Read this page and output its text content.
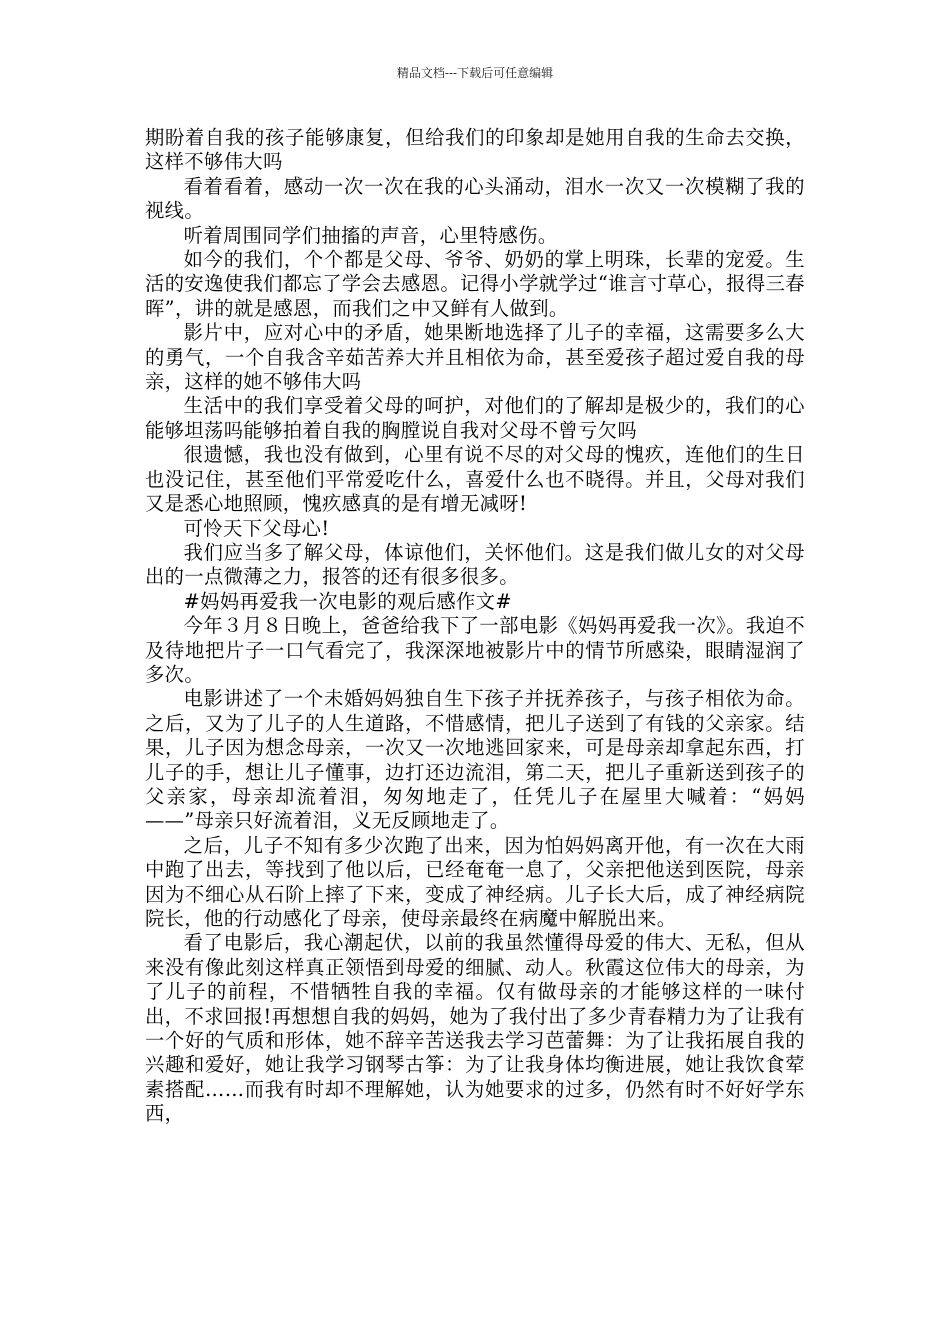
精品文档---下载后可任意编辑

期盼着自我的孩子能够康复，但给我们的印象却是她用自我的生命去交换，这样不够伟大吗

看着看着，感动一次一次在我的心头涌动，泪水一次又一次模糊了我的视线。

听着周围同学们抽搐的声音，心里特感伤。

如今的我们，个个都是父母、爷爷、奶奶的掌上明珠，长辈的宠爱。生活的安逸使我们都忘了学会去感恩。记得小学就学过“谁言寸草心，报得三春晖”，讲的就是感恩，而我们之中又鲜有人做到。

影片中，应对心中的矛盾，她果断地选择了儿子的幸福，这需要多么大的勇气，一个自我含辛茹苦养大并且相依为命，甚至爱孩子超过爱自我的母亲，这样的她不够伟大吗

生活中的我们享受着父母的呵护，对他们的了解却是极少的，我们的心能够坦荡吗能够拍着自我的胸膛说自我对父母不曾亏欠吗

很遗憾，我也没有做到，心里有说不尽的对父母的愧疚，连他们的生日也没记住，甚至他们平常爱吃什么，喜爱什么也不晓得。并且，父母对我们又是悉心地照顾，愧疚感真的是有增无减呀!

可怜天下父母心!

我们应当多了解父母，体谅他们，关怀他们。这是我们做儿女的对父母出的一点微薄之力，报答的还有很多很多。

#妈妈再爱我一次电影的观后感作文#

今年３月８日晚上，爸爸给我下了一部电影《妈妈再爱我一次》。我迫不及待地把片子一口气看完了，我深深地被影片中的情节所感染，眼睛湿润了多次。

电影讲述了一个未婚妈妈独自生下孩子并抚养孩子，与孩子相依为命。之后，又为了儿子的人生道路，不惜感情，把儿子送到了有钱的父亲家。结果，儿子因为想念母亲，一次又一次地逃回家来，可是母亲却拿起东西，打儿子的手，想让儿子懂事，边打还边流泪，第二天，把儿子重新送到孩子的父亲家，母亲却流着泪，匆匆地走了，任凭儿子在屋里大喊着：“妈妈——”母亲只好流着泪，义无反顾地走了。

之后，儿子不知有多少次跑了出来，因为怕妈妈离开他，有一次在大雨中跑了出去，等找到了他以后，已经奄奄一息了，父亲把他送到医院，母亲因为不细心从石阶上摔了下来，变成了神经病。儿子长大后，成了神经病院院长，他的行动感化了母亲，使母亲最终在病魔中解脱出来。

看了电影后，我心潮起伏，以前的我虽然懂得母爱的伟大、无私，但从来没有像此刻这样真正领悟到母爱的细腻、动人。秋霞这位伟大的母亲，为了儿子的前程，不惜牺牲自我的幸福。仅有做母亲的才能够这样的一味付出，不求回报!再想想自我的妈妈，她为了我付出了多少青春精力为了让我有一个好的气质和形体，她不辞辛苦送我去学习芭蕾舞：为了让我拓展自我的兴趣和爱好，她让我学习钢琴古筝：为了让我身体均衡进展，她让我饮食荤素搭配……而我有时却不理解她，认为她要求的过多，仍然有时不好好学东西，
